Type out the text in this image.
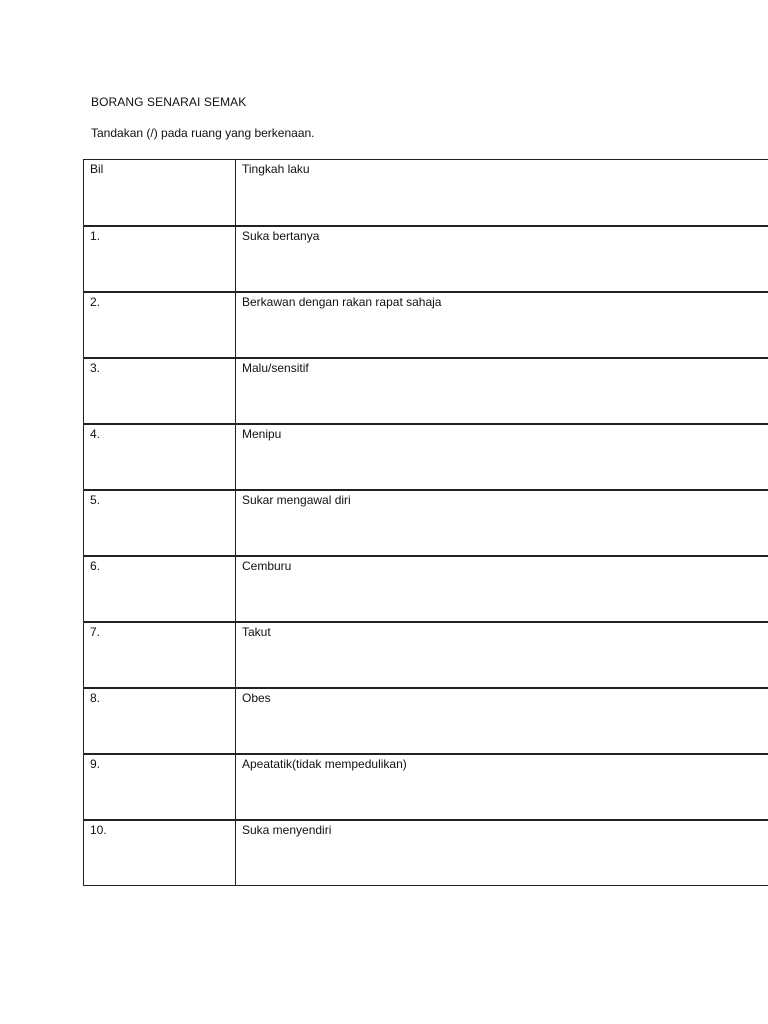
BORANG SENARAI SEMAK
Tandakan (/) pada ruang yang berkenaan.
Bil	Tingkah laku

1.	Suka bertanya

2.	Berkawan dengan rakan rapat sahaja

3.	Malu/sensitif

4.	Menipu

5.	Sukar mengawal diri

6.	Cemburu

7.	Takut

8.	Obes

9.	Apeatatik(tidak mempedulikan)

10.	Suka menyendiri
